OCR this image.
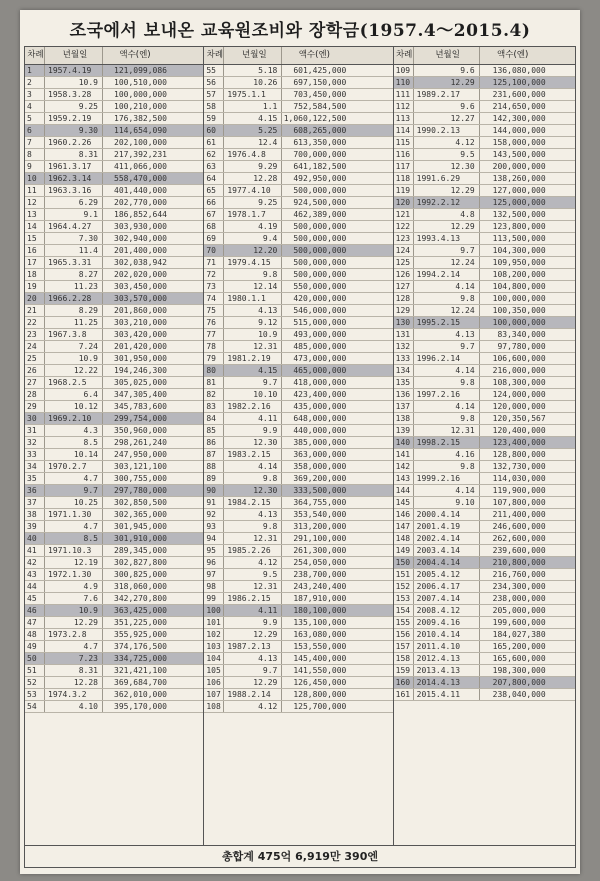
조국에서 보내온 교육원조비와 장학금(1957.4～2015.4)
차례	년월일	액수(엔)
1	1957.4.19	121,099,086
2	10.9	100,510,000
3	1958.3.28	100,000,000
4	9.25	100,210,000
5	1959.2.19	176,382,500
6	9.30	114,654,090
7	1960.2.26	202,100,000
8	8.31	217,392,231
9	1961.3.17	411,066,000
10	1962.3.14	558,470,000
11	1963.3.16	401,440,000
12	6.29	202,770,000
13	9.1	186,852,644
14	1964.4.27	303,930,000
15	7.30	302,940,000
16	11.4	201,400,000
17	1965.3.31	302,038,942
18	8.27	202,020,000
19	11.23	303,450,000
20	1966.2.28	303,570,000
21	8.29	201,860,000
22	11.25	303,210,000
23	1967.3.8	303,420,000
24	7.24	201,420,000
25	10.9	301,950,000
26	12.22	194,246,300
27	1968.2.5	305,025,000
28	6.4	347,305,400
29	10.12	345,783,600
30	1969.2.10	299,754,000
31	4.3	350,960,000
32	8.5	298,261,240
33	10.14	247,950,000
34	1970.2.7	303,121,100
35	4.7	300,755,000
36	9.7	297,780,000
37	10.25	302,850,500
38	1971.1.30	302,365,000
39	4.7	301,945,000
40	8.5	301,910,000
41	1971.10.3	289,345,000
42	12.19	302,827,800
43	1972.1.30	300,825,000
44	4.9	318,060,000
45	7.6	342,270,800
46	10.9	363,425,000
47	12.29	351,225,000
48	1973.2.8	355,925,000
49	4.7	374,176,500
50	7.23	334,725,000
51	8.31	321,421,100
52	12.28	369,684,700
53	1974.3.2	362,010,000
54	4.10	395,170,000
차례	년월일	액수(엔)
55	5.18	601,425,000
56	10.26	697,150,000
57	1975.1.1	703,450,000
58	1.1	752,584,500
59	4.15 1,060,122,500
60	5.25	608,265,000
61	12.4	613,350,000
62	1976.4.8	700,000,000
63	9.29	641,182,500
64	12.28	492,950,000
65	1977.4.10	500,000,000
66	9.25	924,500,000
67	1978.1.7	462,389,000
68	4.19	500,000,000
69	9.4	500,000,000
70	12.20	500,000,000
71	1979.4.15	500,000,000
72	9.8	500,000,000
73	12.14	550,000,000
74	1980.1.1	420,000,000
75	4.13	546,000,000
76	9.12	515,000,000
77	10.9	493,000,000
78	12.31	485,000,000
79	1981.2.19	473,000,000
80	4.15	465,000,000
81	9.7	418,000,000
82	10.10	423,400,000
83	1982.2.16	435,000,000
84	4.11	648,000,000
85	9.9	440,000,000
86	12.30	385,000,000
87	1983.2.15	363,000,000
88	4.14	358,000,000
89	9.8	369,200,000
90	12.30	333,500,000
91	1984.2.15	364,755,000
92	4.13	353,540,000
93	9.8	313,200,000
94	12.31	291,100,000
95	1985.2.26	261,300,000
96	4.12	254,050,000
97	9.5	238,700,000
98	12.31	243,240,400
99	1986.2.15	187,910,000
100	4.11	180,100,000
101	9.9	135,100,000
102	12.29	163,080,000
103 1987.2.13	153,550,000
104	4.13	145,400,000
105	9.7	141,550,000
106	12.29	126,450,000
107 1988.2.14	128,800,000
108	4.12	125,700,000
차례	년월일	액수(엔)
109	9.6	136,080,000
110	12.29	125,100,000
111 1989.2.17	231,600,000
112	9.6	214,650,000
113	12.27	142,300,000
114 1990.2.13	144,000,000
115	4.12	158,000,000
116	9.5	143,500,000
117	12.30	200,000,000
118 1991.6.29	138,260,000
119	12.29	127,000,000
120 1992.2.12	125,000,000
121	4.8	132,500,000
122	12.29	123,800,000
123 1993.4.13	113,500,000
124	9.7	104,300,000
125	12.24	109,950,000
126 1994.2.14	108,200,000
127	4.14	104,800,000
128	9.8	100,000,000
129	12.24	100,350,000
130 1995.2.15	100,000,000
131	4.13	83,340,000
132	9.7	97,780,000
133 1996.2.14	106,600,000
134	4.14	216,000,000
135	9.8	108,300,000
136 1997.2.16	124,000,000
137	4.14	120,000,000
138	9.8	120,350,567
139	12.31	120,400,000
140 1998.2.15	123,400,000
141	4.16	128,800,000
142	9.8	132,730,000
143 1999.2.16	114,030,000
144	4.14	119,900,000
145	9.10	107,800,000
146 2000.4.14	211,400,000
147 2001.4.19	246,600,000
148 2002.4.14	262,600,000
149 2003.4.14	239,600,000
150 2004.4.14	210,800,000
151 2005.4.12	216,760,000
152 2006.4.17	234,300,000
153 2007.4.14	238,000,000
154 2008.4.12	205,000,000
155 2009.4.16	199,600,000
156 2010.4.14	184,027,380
157 2011.4.10	165,200,000
158 2012.4.13	165,600,000
159 2013.4.13	198,300,000
160 2014.4.13	207,800,000
161 2015.4.11	238,040,000
총합계 475억 6,919만 390엔
